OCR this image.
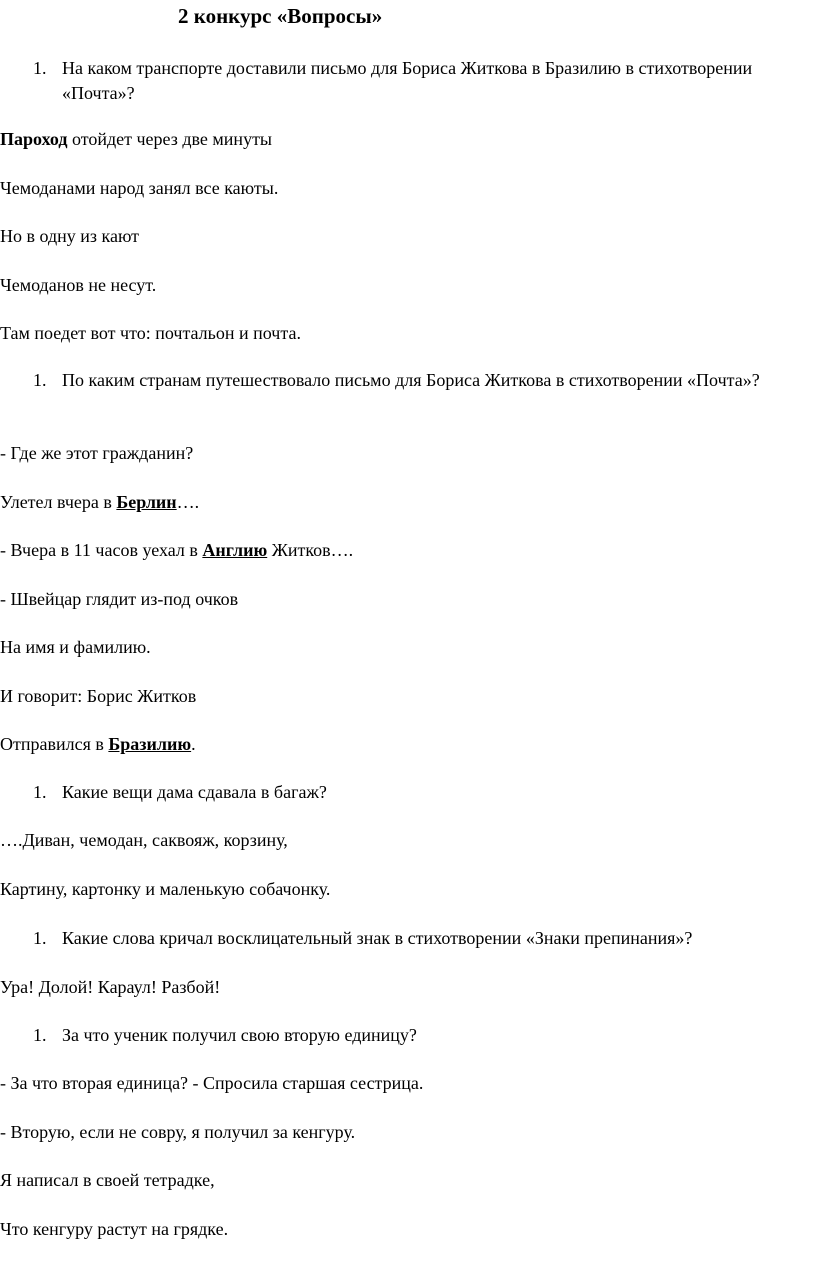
2 конкурс «Вопросы»
1. На каком транспорте доставили письмо для Бориса Житкова в Бразилию в стихотворении «Почта»?
Пароход отойдет через две минуты
Чемоданами народ занял все каюты.
Но в одну из кают
Чемоданов не несут.
Там поедет вот что: почтальон и почта.
1. По каким странам путешествовало письмо для Бориса Житкова в стихотворении «Почта»?
- Где же этот гражданин?
Улетел вчера в Берлин….
- Вчера в 11 часов уехал в Англию Житков….
- Швейцар глядит из-под очков
На имя и фамилию.
И говорит: Борис Житков
Отправился в Бразилию.
1. Какие вещи дама сдавала в багаж?
….Диван, чемодан, саквояж, корзину,
Картину, картонку и маленькую собачонку.
1. Какие слова кричал восклицательный знак в стихотворении «Знаки препинания»?
Ура! Долой! Караул! Разбой!
1. За что ученик получил свою вторую единицу?
- За что вторая единица? - Спросила старшая сестрица.
- Вторую, если не совру, я получил за кенгуру.
Я написал в своей тетрадке,
Что кенгуру растут на грядке.
